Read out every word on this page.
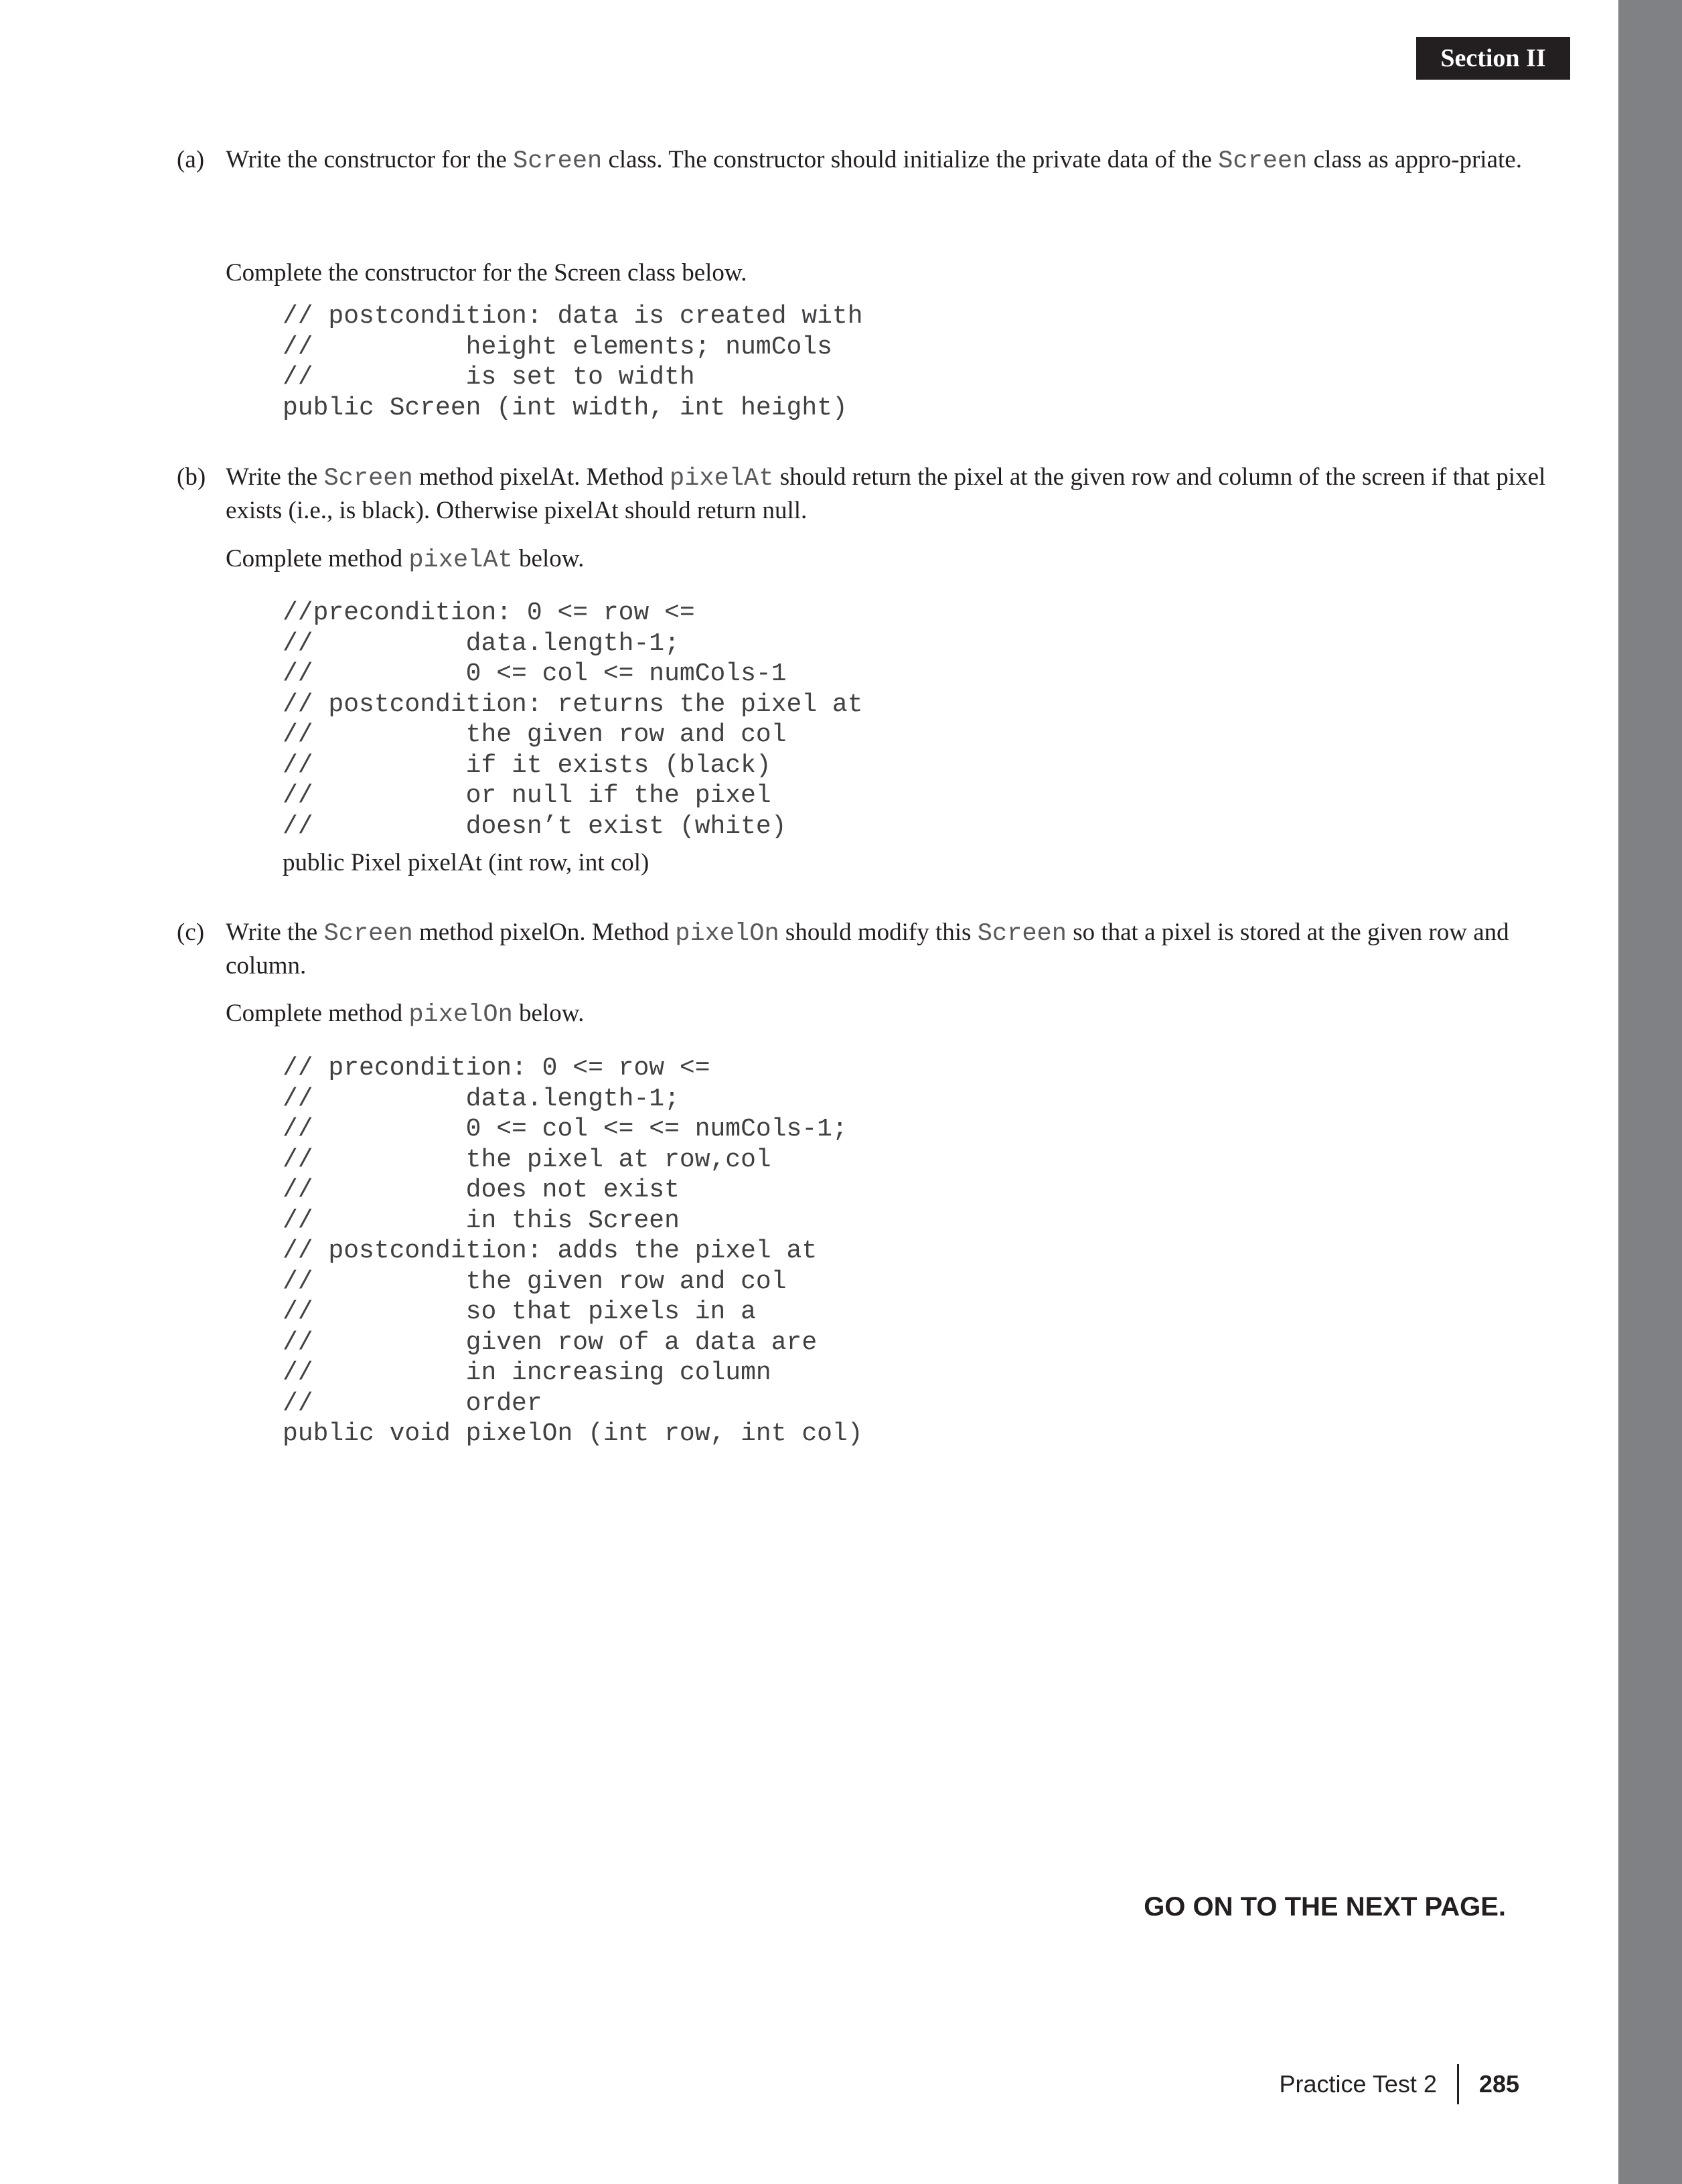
Section II
(a) Write the constructor for the Screen class. The constructor should initialize the private data of the Screen class as appro-priate.

Complete the constructor for the Screen class below.

// postcondition: data is created with
//          height elements; numCols
//          is set to width
public Screen (int width, int height)
(b) Write the Screen method pixelAt. Method pixelAt should return the pixel at the given row and column of the screen if that pixel exists (i.e., is black). Otherwise pixelAt should return null.

Complete method pixelAt below.

//precondition: 0 <= row <=
//          data.length-1;
//          0 <= col <= numCols-1
// postcondition: returns the pixel at
//          the given row and col
//          if it exists (black)
//          or null if the pixel
//          doesn’t exist (white)
public Pixel pixelAt (int row, int col)
(c) Write the Screen method pixelOn. Method pixelOn should modify this Screen so that a pixel is stored at the given row and column.

Complete method pixelOn below.

// precondition: 0 <= row <=
//          data.length-1;
//          0 <= col <= <= numCols-1;
//          the pixel at row,col
//          does not exist
//          in this Screen
// postcondition: adds the pixel at
//          the given row and col
//          so that pixels in a
//          given row of a data are
//          in increasing column
//          order
public void pixelOn (int row, int col)
GO ON TO THE NEXT PAGE.
Practice Test 2 285
